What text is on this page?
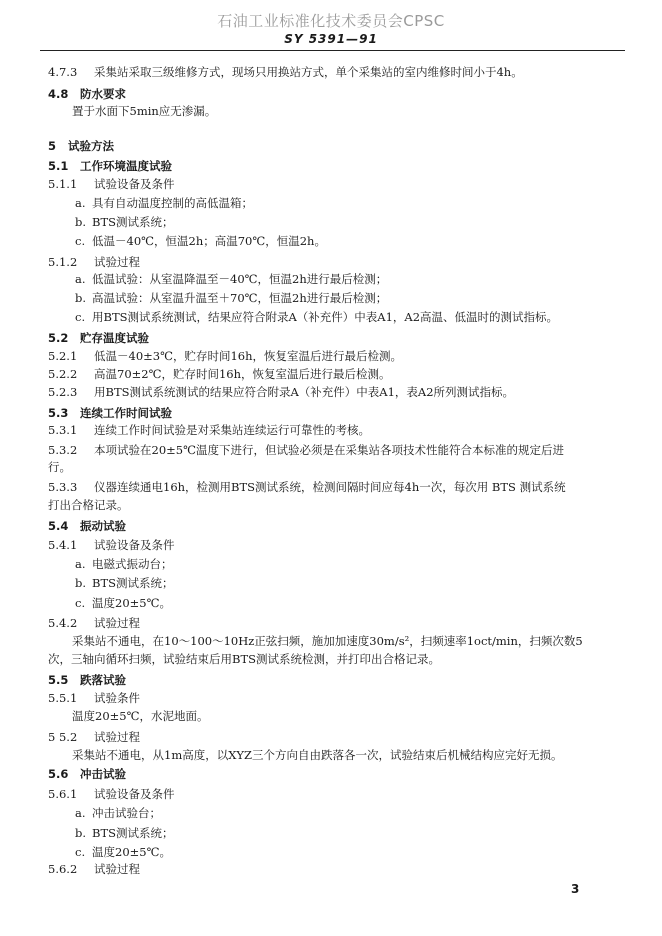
石油工业标准化技术委员会CPSC
SY 5391—91
4.7.3 采集站采取三级维修方式，现场只用换站方式，单个采集站的室内维修时间小于4h。
4.8 防水要求
置于水面下5min应无渗漏。
5 试验方法
5.1 工作环境温度试验
5.1.1 试验设备及条件
a. 具有自动温度控制的高低温箱；
b. BTS测试系统；
c. 低温－40℃，恒温2h；高温70℃，恒温2h。
5.1.2 试验过程
a. 低温试验：从室温降温至－40℃，恒温2h进行最后检测；
b. 高温试验：从室温升温至＋70℃，恒温2h进行最后检测；
c. 用BTS测试系统测试，结果应符合附录A（补充件）中表A1，A2高温、低温时的测试指标。
5.2 贮存温度试验
5.2.1 低温－40±3℃，贮存时间16h，恢复室温后进行最后检测。
5.2.2 高温70±2℃，贮存时间16h，恢复室温后进行最后检测。
5.2.3 用BTS测试系统测试的结果应符合附录A（补充件）中表A1，表A2所列测试指标。
5.3 连续工作时间试验
5.3.1 连续工作时间试验是对采集站连续运行可靠性的考核。
5.3.2 本项试验在20±5℃温度下进行，但试验必须是在采集站各项技术性能符合本标准的规定后进
行。
5.3.3 仪器连续通电16h，检测用BTS测试系统，检测间隔时间应每4h一次，每次用 BTS 测试系统
打出合格记录。
5.4 振动试验
5.4.1 试验设备及条件
a. 电磁式振动台；
b. BTS测试系统；
c. 温度20±5℃。
5.4.2 试验过程
采集站不通电，在10～100～10Hz正弦扫频，施加加速度30m/s²，扫频速率1oct/min，扫频次数5
次，三轴向循环扫频，试验结束后用BTS测试系统检测，并打印出合格记录。
5.5 跌落试验
5.5.1 试验条件
温度20±5℃，水泥地面。
5 5.2 试验过程
采集站不通电，从1m高度，以XYZ三个方向自由跌落各一次，试验结束后机械结构应完好无损。
5.6 冲击试验
5.6.1 试验设备及条件
a. 冲击试验台；
b. BTS测试系统；
c. 温度20±5℃。
5.6.2 试验过程
3
